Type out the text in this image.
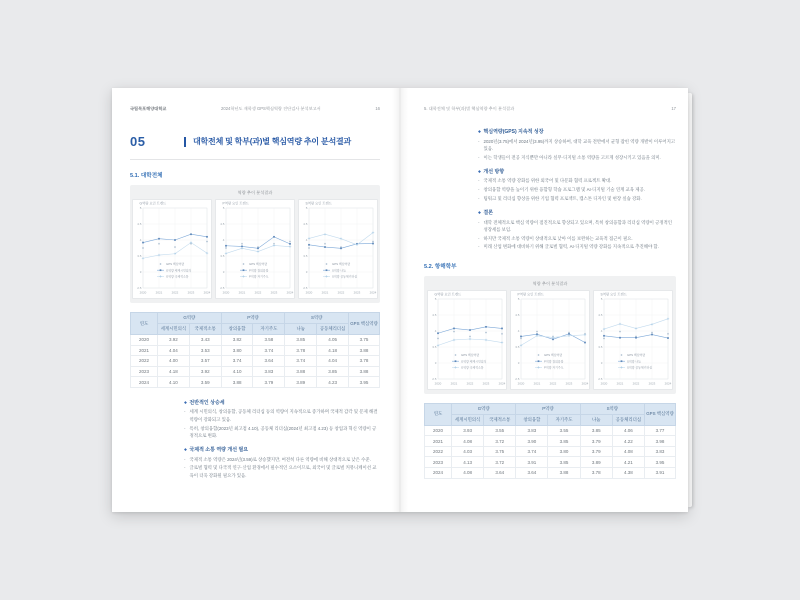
국립목포해양대학교	2024학년도 재학생 GPS핵심역량 진단검사 분석보고서	16
05	대학전체 및 학부(과)별 핵심역량 추이 분석결과
5.1. 대학전체
역량 추이 분석결과
G역량 요인 트렌드
2.5
3
3.5
4
4.5
5
2020	2021	2022	2023	2024
GPS 핵심역량
G역량 세계시민의식
G역량 국제적소통
P역량 요인 트렌드
2.5
3
3.5
4
4.5
5
2020	2021	2022	2023	2024
GPS 핵심역량
P역량 창의융합
P역량 자기주도
S역량 요인 트렌드
2.5
3
3.5
4
4.5
5
2020	2021	2022	2023	2024
GPS 핵심역량
S역량 나눔
S역량 공동체리더십
연도	G역량		P역량		S역량		GPS 핵심역량
	세계시민의식	국제적소통	창의융합	자기주도	나눔	공동체리더십	
2020	3.92	3.43	3.82	3.58	3.85	4.05	3.75
2021	4.04	3.53	3.80	3.74	3.78	4.18	3.88
2022	4.00	3.57	3.74	3.64	3.74	4.04	3.78
2023	4.18	3.92	4.10	3.83	3.88	3.85	3.88
2024	4.10	3.59	3.88	3.79	3.89	4.23	3.95
◆ 전반적인 상승세
- 세계 시민의식, 창의융합, 공동체 리더십 등의 역량이 지속적으로 증가하며 국제적 감각 및 문제 해결 역량이 강화되고 있음.
- 특히, 창의융합(2023년 최고점 4.10), 공동체 리더십(2024년 최고점 4.23) 등 창업과 혁신 역량이 긍정적으로 변화.
◆ 국제적 소통 역량 개선 필요
- 국제적 소통 역량은 2024년(3.59)로 상승했지만, 여전히 다른 역량에 비해 상대적으로 낮은 수준.
- 글로벌 협력 및 다국적 연구·산업 환경에서 필수적인 요소이므로, 외국어 및 글로벌 커뮤니케이션 교육이 더욱 강화될 필요가 있음.
5. 대학전체 및 학부(과)별 핵심역량 추이 분석결과	17
◆ 핵심역량(GPS) 지속적 성장
- 2020년(3.75)에서 2024년(3.95)까지 상승하여, 대학 교육 전반에서 균형 잡힌 역량 개발이 이루어지고 있음.
- 이는 학생들이 전공 지식뿐만 아니라 실무·디지털 소통 역량을 고르게 성장시키고 있음을 의미.
◆ 개선 방향
- 국제적 소통 역량 강화를 위한 외국어 및 다문화 협력 프로젝트 확대.
- 창의융합 역량을 높이기 위한 융합형 학습 프로그램 및 AI·디지털 기술 연계 교육 제공.
- 팀워크 및 리더십 향상을 위한 기업 협력 프로젝트, 캡스톤 디자인 및 현장 실습 강화.
◆ 결론
- 대학 전체적으로 핵심 역량이 점진적으로 향상되고 있으며, 특히 창의융합과 리더십 역량이 긍정적인 성장세를 보임.
- 하지만 국제적 소통 역량이 상대적으로 낮아 이를 보완하는 교육적 접근이 필요.
- 미래 산업 변화에 대비하기 위해 글로벌 협력, AI·디지털 역량 강화를 지속적으로 추진해야 함.
5.2. 항해학부
역량 추이 분석결과
G역량 요인 트렌드
2.5
3
3.5
4
4.5
5
2020	2021	2022	2023	2024
GPS 핵심역량
G역량 세계시민의식
G역량 국제적소통
P역량 요인 트렌드
2.5
3
3.5
4
4.5
5
2020	2021	2022	2023	2024
GPS 핵심역량
P역량 창의융합
P역량 자기주도
S역량 요인 트렌드
2.5
3
3.5
4
4.5
5
2020	2021	2022	2023	2024
GPS 핵심역량
S역량 나눔
S역량 공동체리더십
연도	G역량		P역량		S역량		GPS 핵심역량
	세계시민의식	국제적소통	창의융합	자기주도	나눔	공동체리더십	
2020	3.93	3.55	3.83	3.55	3.85	4.06	3.77
2021	4.08	3.72	3.90	3.85	3.79	4.22	3.98
2022	4.03	3.75	3.74	3.80	3.79	4.08	3.83
2023	4.13	3.72	3.91	3.85	3.89	4.21	3.95
2024	4.08	3.64	3.64	3.88	3.78	4.38	3.91
